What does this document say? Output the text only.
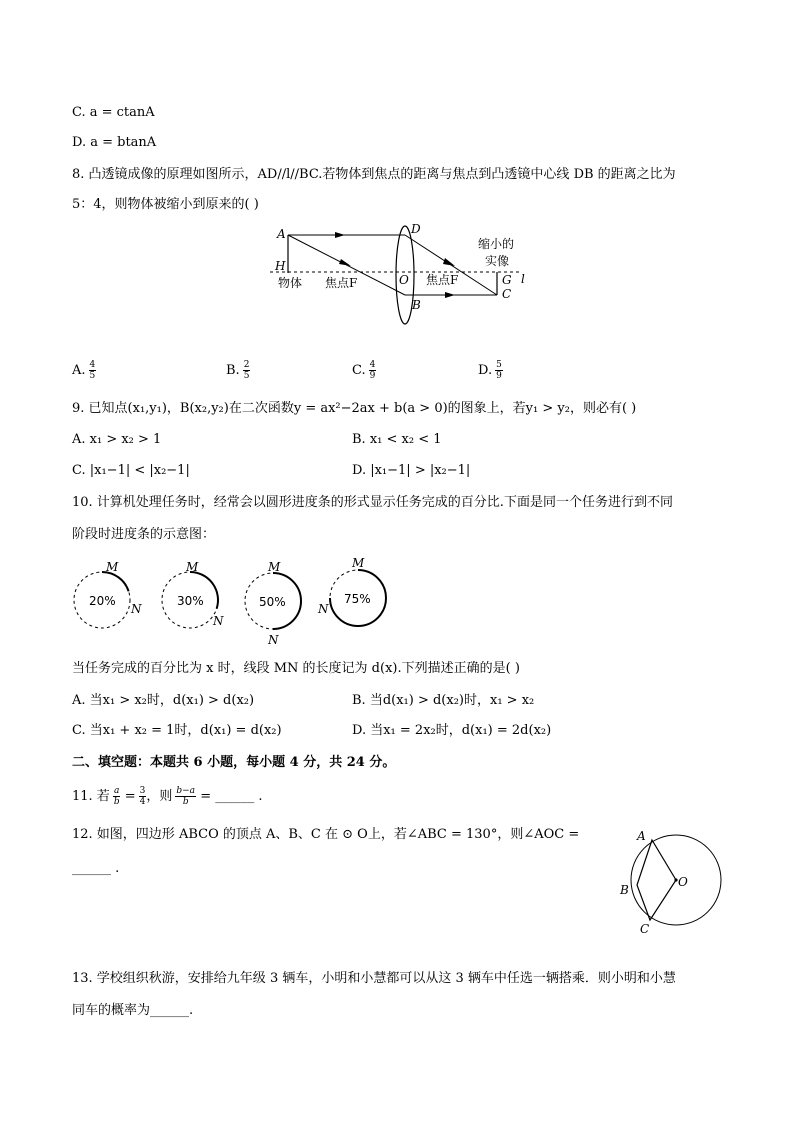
C. a = ctanA
D. a = btanA
8. 凸透镜成像的原理如图所示，AD//l//BC.若物体到焦点的距离与焦点到凸透镜中心线 DB 的距离之比为
5：4，则物体被缩小到原来的( )
A
H
D
O
B
G
C
l
物体 焦点F	焦点F
缩小的
实像
A. $\frac{4}{5}$	B. $\frac{2}{5}$	C. $\frac{4}{9}$	D. $\frac{5}{9}$
9. 已知点(x₁,y₁)，B(x₂,y₂)在二次函数y = ax²−2ax + b(a > 0)的图象上，若y₁ > y₂，则必有( )
A. x₁ > x₂ > 1	B. x₁ < x₂ < 1
C. |x₁−1| < |x₂−1|	D. |x₁−1| > |x₂−1|
10. 计算机处理任务时，经常会以圆形进度条的形式显示任务完成的百分比.下面是同一个任务进行到不同
阶段时进度条的示意图：
20%
M
N
30%
M
N
50%
M
N
75%
M
N
当任务完成的百分比为 x 时，线段 MN 的长度记为 d(x).下列描述正确的是( )
A. 当x₁ > x₂时，d(x₁) > d(x₂)	B. 当d(x₁) > d(x₂)时，x₁ > x₂
C. 当x₁ + x₂ = 1时，d(x₁) = d(x₂)	D. 当x₁ = 2x₂时，d(x₁) = 2d(x₂)
二、填空题：本题共 6 小题，每小题 4 分，共 24 分。
11. 若 $\frac{a}{b} = \frac{3}{4}$ ，则 $\frac{b-a}{b}$ = ______ .
12. 如图，四边形 ABCO 的顶点 A、B、C 在 ⊙ O上，若∠ABC = 130°，则∠AOC =
______ .
A
B
C
O
13. 学校组织秋游，安排给九年级 3 辆车，小明和小慧都可以从这 3 辆车中任选一辆搭乘．则小明和小慧
同车的概率为______.
